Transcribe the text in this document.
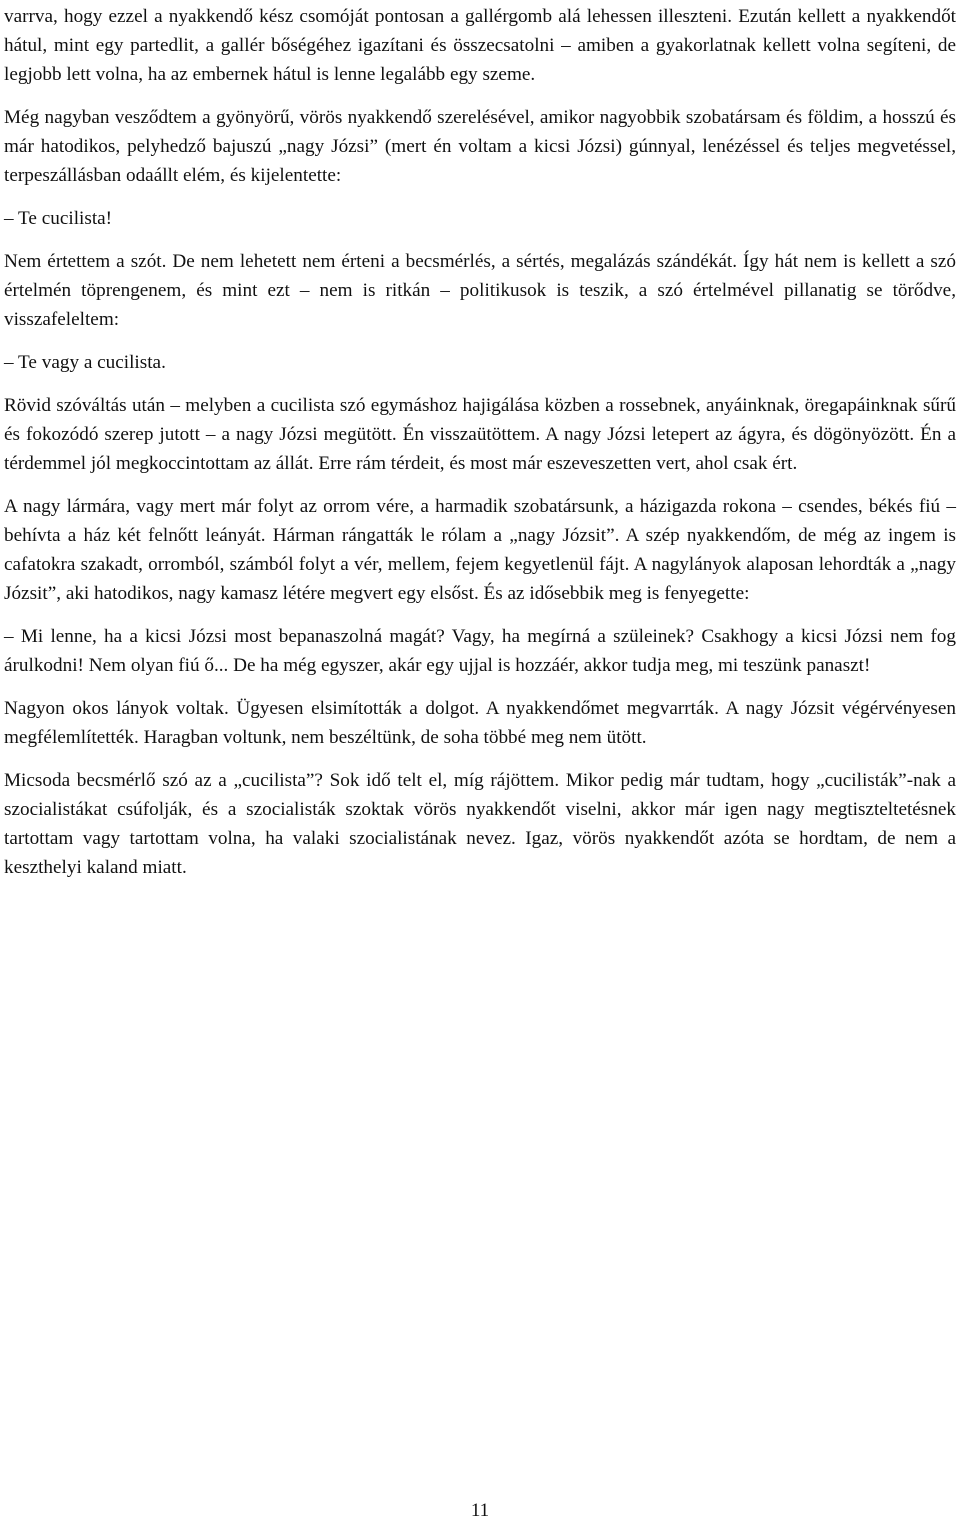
varrva, hogy ezzel a nyakkendő kész csomóját pontosan a gallérgomb alá lehessen illeszteni. Ezután kellett a nyakkendőt hátul, mint egy partedlit, a gallér bőségéhez igazítani és összecsatolni – amiben a gyakorlatnak kellett volna segíteni, de legjobb lett volna, ha az embernek hátul is lenne legalább egy szeme.

Még nagyban vesződtem a gyönyörű, vörös nyakkendő szerelésével, amikor nagyobbik szobatársam és földim, a hosszú és már hatodikos, pelyhedző bajuszú „nagy Józsi” (mert én voltam a kicsi Józsi) gúnnyal, lenézéssel és teljes megvetéssel, terpeszállásban odaállt elém, és kijelentette:

– Te cucilista!

Nem értettem a szót. De nem lehetett nem érteni a becsmérlés, a sértés, megalázás szándékát. Így hát nem is kellett a szó értelmén töprengenem, és mint ezt – nem is ritkán – politikusok is teszik, a szó értelmével pillanatig se törődve, visszafeleltem:

– Te vagy a cucilista.

Rövid szóváltás után – melyben a cucilista szó egymáshoz hajigálása közben a rossebnek, anyáinknak, öregapáinknak sűrű és fokozódó szerep jutott – a nagy Józsi megütött. Én visszaütöttem. A nagy Józsi letepert az ágyra, és dögönyözött. Én a térdemmel jól megkoccintottam az állát. Erre rám térdeit, és most már eszeveszetten vert, ahol csak ért.

A nagy lármára, vagy mert már folyt az orrom vére, a harmadik szobatársunk, a házigazda rokona – csendes, békés fiú – behívta a ház két felnőtt leányát. Hárman rángatták le rólam a „nagy Józsit”. A szép nyakkendőm, de még az ingem is cafatokra szakadt, orromból, számból folyt a vér, mellem, fejem kegyetlenül fájt. A nagylányok alaposan lehordták a „nagy Józsit”, aki hatodikos, nagy kamasz létére megvert egy elsőst. És az idősebbik meg is fenyegette:

– Mi lenne, ha a kicsi Józsi most bepanaszolná magát? Vagy, ha megírná a szüleinek? Csakhogy a kicsi Józsi nem fog árulkodni! Nem olyan fiú ő... De ha még egyszer, akár egy ujjal is hozzáér, akkor tudja meg, mi teszünk panaszt!

Nagyon okos lányok voltak. Ügyesen elsimították a dolgot. A nyakkendőmet megvarrták. A nagy Józsit végérvényesen megfélemlítették. Haragban voltunk, nem beszéltünk, de soha többé meg nem ütött.

Micsoda becsmérlő szó az a „cucilista”? Sok idő telt el, míg rájöttem. Mikor pedig már tudtam, hogy „cucilisták”-nak a szocialistákat csúfolják, és a szocialisták szoktak vörös nyakkendőt viselni, akkor már igen nagy megtiszteltetésnek tartottam vagy tartottam volna, ha valaki szocialistának nevez. Igaz, vörös nyakkendőt azóta se hordtam, de nem a keszthelyi kaland miatt.

11
